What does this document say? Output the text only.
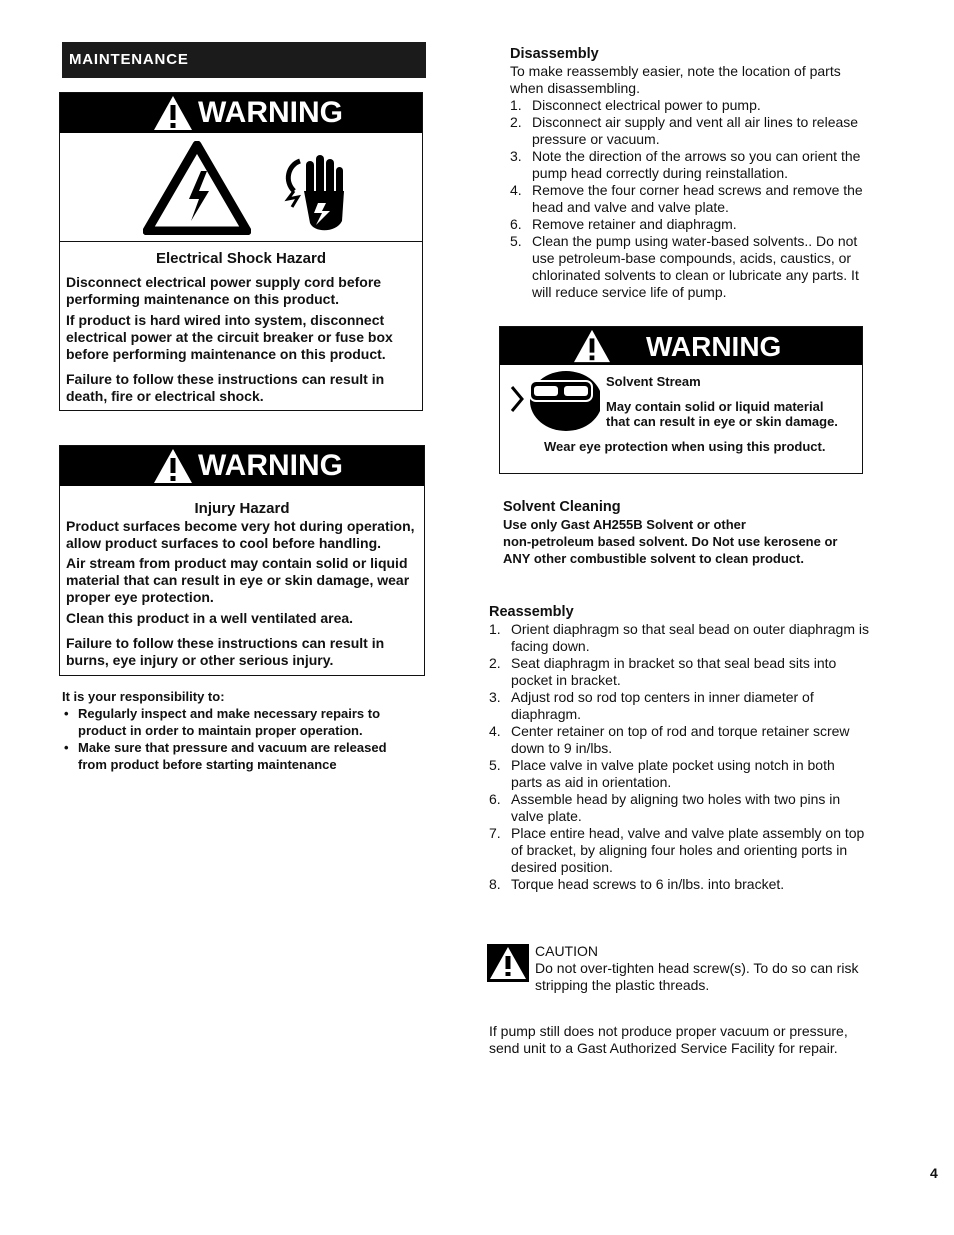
MAINTENANCE
WARNING
Electrical Shock Hazard

Disconnect electrical power supply cord before performing maintenance on this product.

If product is hard wired into system, disconnect electrical power at the circuit breaker or fuse box before performing maintenance on this product.

Failure to follow these instructions can result in death, fire or electrical shock.

WARNING
Injury Hazard

Product surfaces become very hot during operation, allow product surfaces to cool before handling.

Air stream from product may contain solid or liquid material that can result in eye or skin damage, wear proper eye protection.

Clean this product in a well ventilated area.

Failure to follow these instructions can result in burns, eye injury or other serious injury.

It is your responsibility to:
• Regularly inspect and make necessary repairs to product in order to maintain proper operation.
• Make sure that pressure and vacuum are released from product before starting maintenance
Disassembly
To make reassembly easier, note the location of parts when disassembling.
1. Disconnect electrical power to pump.
2. Disconnect air supply and vent all air lines to release pressure or vacuum.
3. Note the direction of the arrows so you can orient the pump head correctly during reinstallation.
4. Remove the four corner head screws and remove the head and valve and valve plate.
6. Remove retainer and diaphragm.
5. Clean the pump using water-based solvents.. Do not use petroleum-base compounds, acids, caustics, or chlorinated solvents to clean or lubricate any parts. It will reduce service life of pump.
WARNING
Solvent Stream
May contain solid or liquid material
that can result in eye or skin damage.
Wear eye protection when using this product.
Solvent Cleaning
Use only Gast AH255B Solvent or other
non-petroleum based solvent. Do Not use kerosene or
ANY other combustible solvent to clean product.
Reassembly
1. Orient diaphragm so that seal bead on outer diaphragm is facing down.
2. Seat diaphragm in bracket so that seal bead sits into pocket in bracket.
3. Adjust rod so rod top centers in inner diameter of diaphragm.
4. Center retainer on top of rod and torque retainer screw down to 9 in/lbs.
5. Place valve in valve plate pocket using notch in both parts as aid in orientation.
6. Assemble head by aligning two holes with two pins in valve plate.
7. Place entire head, valve and valve plate assembly on top of bracket, by aligning four holes and orienting ports in desired position.
8. Torque head screws to 6 in/lbs. into bracket.
CAUTION
Do not over-tighten head screw(s). To do so can risk stripping the plastic threads.
If pump still does not produce proper vacuum or pressure, send unit to a Gast Authorized Service Facility for repair.
4
